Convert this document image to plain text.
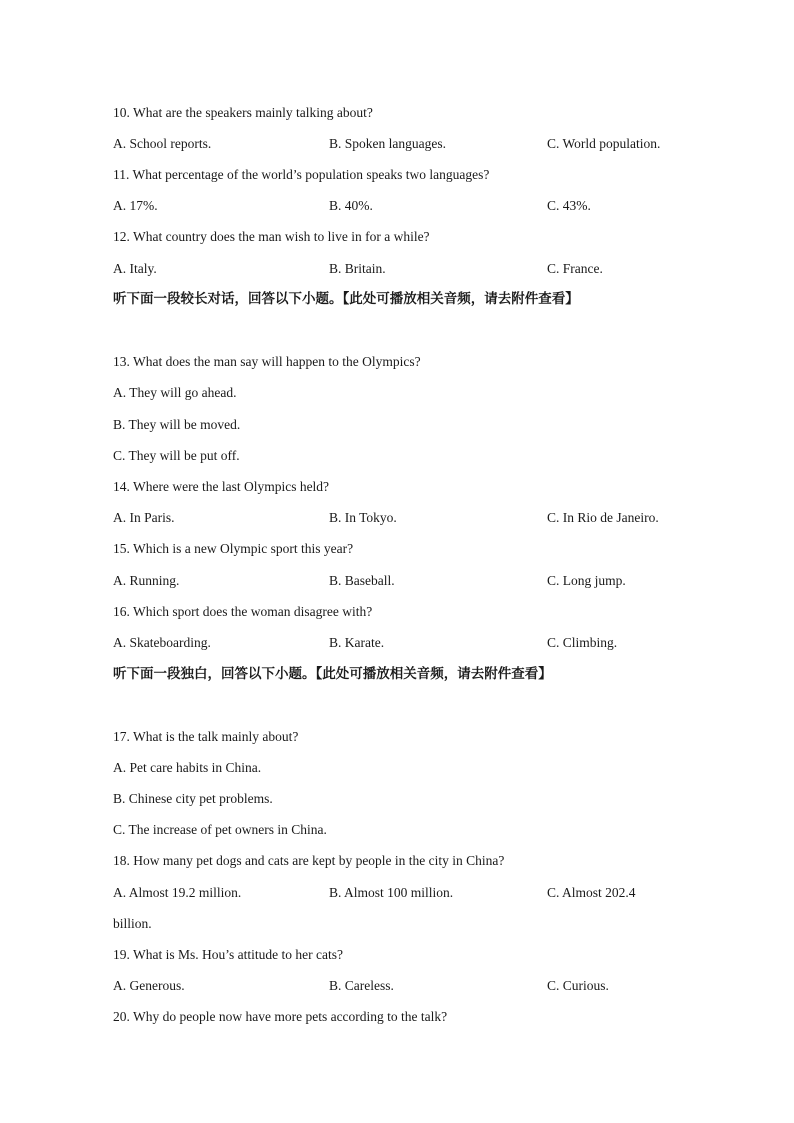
10. What are the speakers mainly talking about?
A. School reports.	B. Spoken languages.	C. World population.
11. What percentage of the world’s population speaks two languages?
A. 17%.	B. 40%.	C. 43%.
12. What country does the man wish to live in for a while?
A. Italy.	B. Britain.	C. France.
听下面一段较长对话，回答以下小题。【此处可播放相关音频，请去附件查看】
13. What does the man say will happen to the Olympics?
A. They will go ahead.
B. They will be moved.
C. They will be put off.
14. Where were the last Olympics held?
A. In Paris.	B. In Tokyo.	C. In Rio de Janeiro.
15. Which is a new Olympic sport this year?
A. Running.	B. Baseball.	C. Long jump.
16. Which sport does the woman disagree with?
A. Skateboarding.	B. Karate.	C. Climbing.
听下面一段独白，回答以下小题。【此处可播放相关音频，请去附件查看】
17. What is the talk mainly about?
A. Pet care habits in China.
B. Chinese city pet problems.
C. The increase of pet owners in China.
18. How many pet dogs and cats are kept by people in the city in China?
A. Almost 19.2 million.	B. Almost 100 million.	C. Almost 202.4
billion.
19. What is Ms. Hou’s attitude to her cats?
A. Generous.	B. Careless.	C. Curious.
20. Why do people now have more pets according to the talk?
